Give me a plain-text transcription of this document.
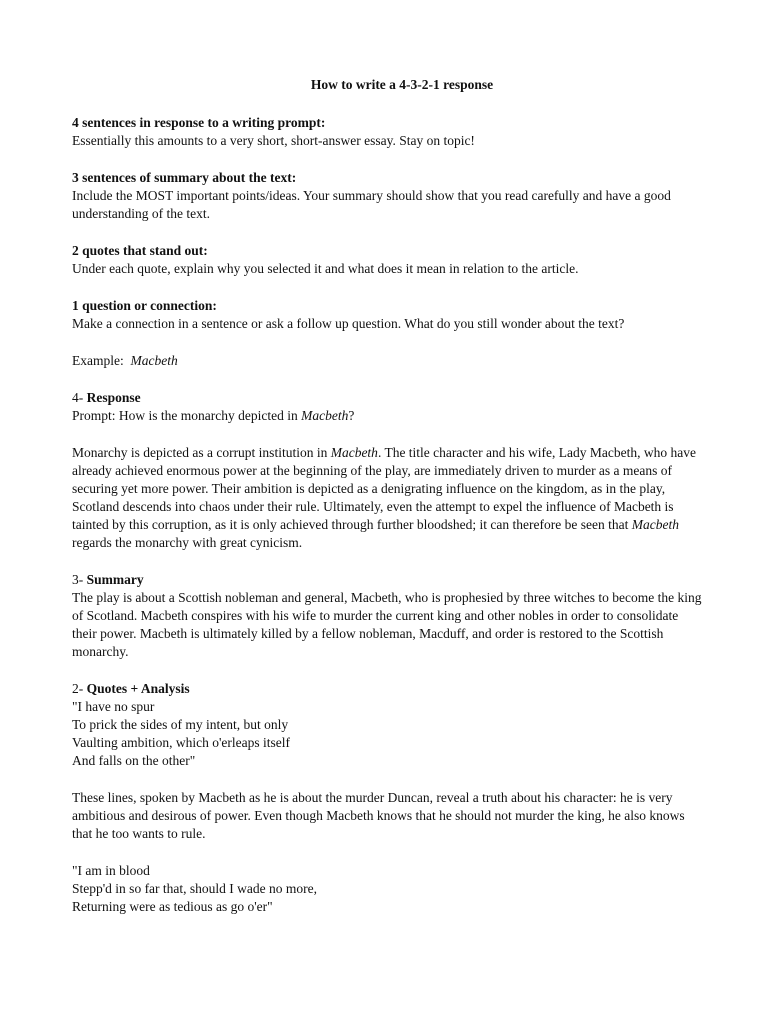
How to write a 4-3-2-1 response

4 sentences in response to a writing prompt:

Essentially this amounts to a very short, short-answer essay. Stay on topic!

3 sentences of summary about the text:

Include the MOST important points/ideas. Your summary should show that you read carefully and have a good understanding of the text.

2 quotes that stand out:

Under each quote, explain why you selected it and what does it mean in relation to the article.

1 question or connection:

Make a connection in a sentence or ask a follow up question. What do you still wonder about the text?

Example:  Macbeth

4- Response

Prompt: How is the monarchy depicted in Macbeth?

Monarchy is depicted as a corrupt institution in Macbeth. The title character and his wife, Lady Macbeth, who have already achieved enormous power at the beginning of the play, are immediately driven to murder as a means of securing yet more power. Their ambition is depicted as a denigrating influence on the kingdom, as in the play, Scotland descends into chaos under their rule. Ultimately, even the attempt to expel the influence of Macbeth is tainted by this corruption, as it is only achieved through further bloodshed; it can therefore be seen that Macbeth regards the monarchy with great cynicism.

3- Summary

The play is about a Scottish nobleman and general, Macbeth, who is prophesied by three witches to become the king of Scotland. Macbeth conspires with his wife to murder the current king and other nobles in order to consolidate their power. Macbeth is ultimately killed by a fellow nobleman, Macduff, and order is restored to the Scottish monarchy.

2- Quotes + Analysis

"I have no spur
To prick the sides of my intent, but only
Vaulting ambition, which o'erleaps itself
And falls on the other"

These lines, spoken by Macbeth as he is about the murder Duncan, reveal a truth about his character: he is very ambitious and desirous of power. Even though Macbeth knows that he should not murder the king, he also knows that he too wants to rule.

"I am in blood
Stepp'd in so far that, should I wade no more,
Returning were as tedious as go o'er"
